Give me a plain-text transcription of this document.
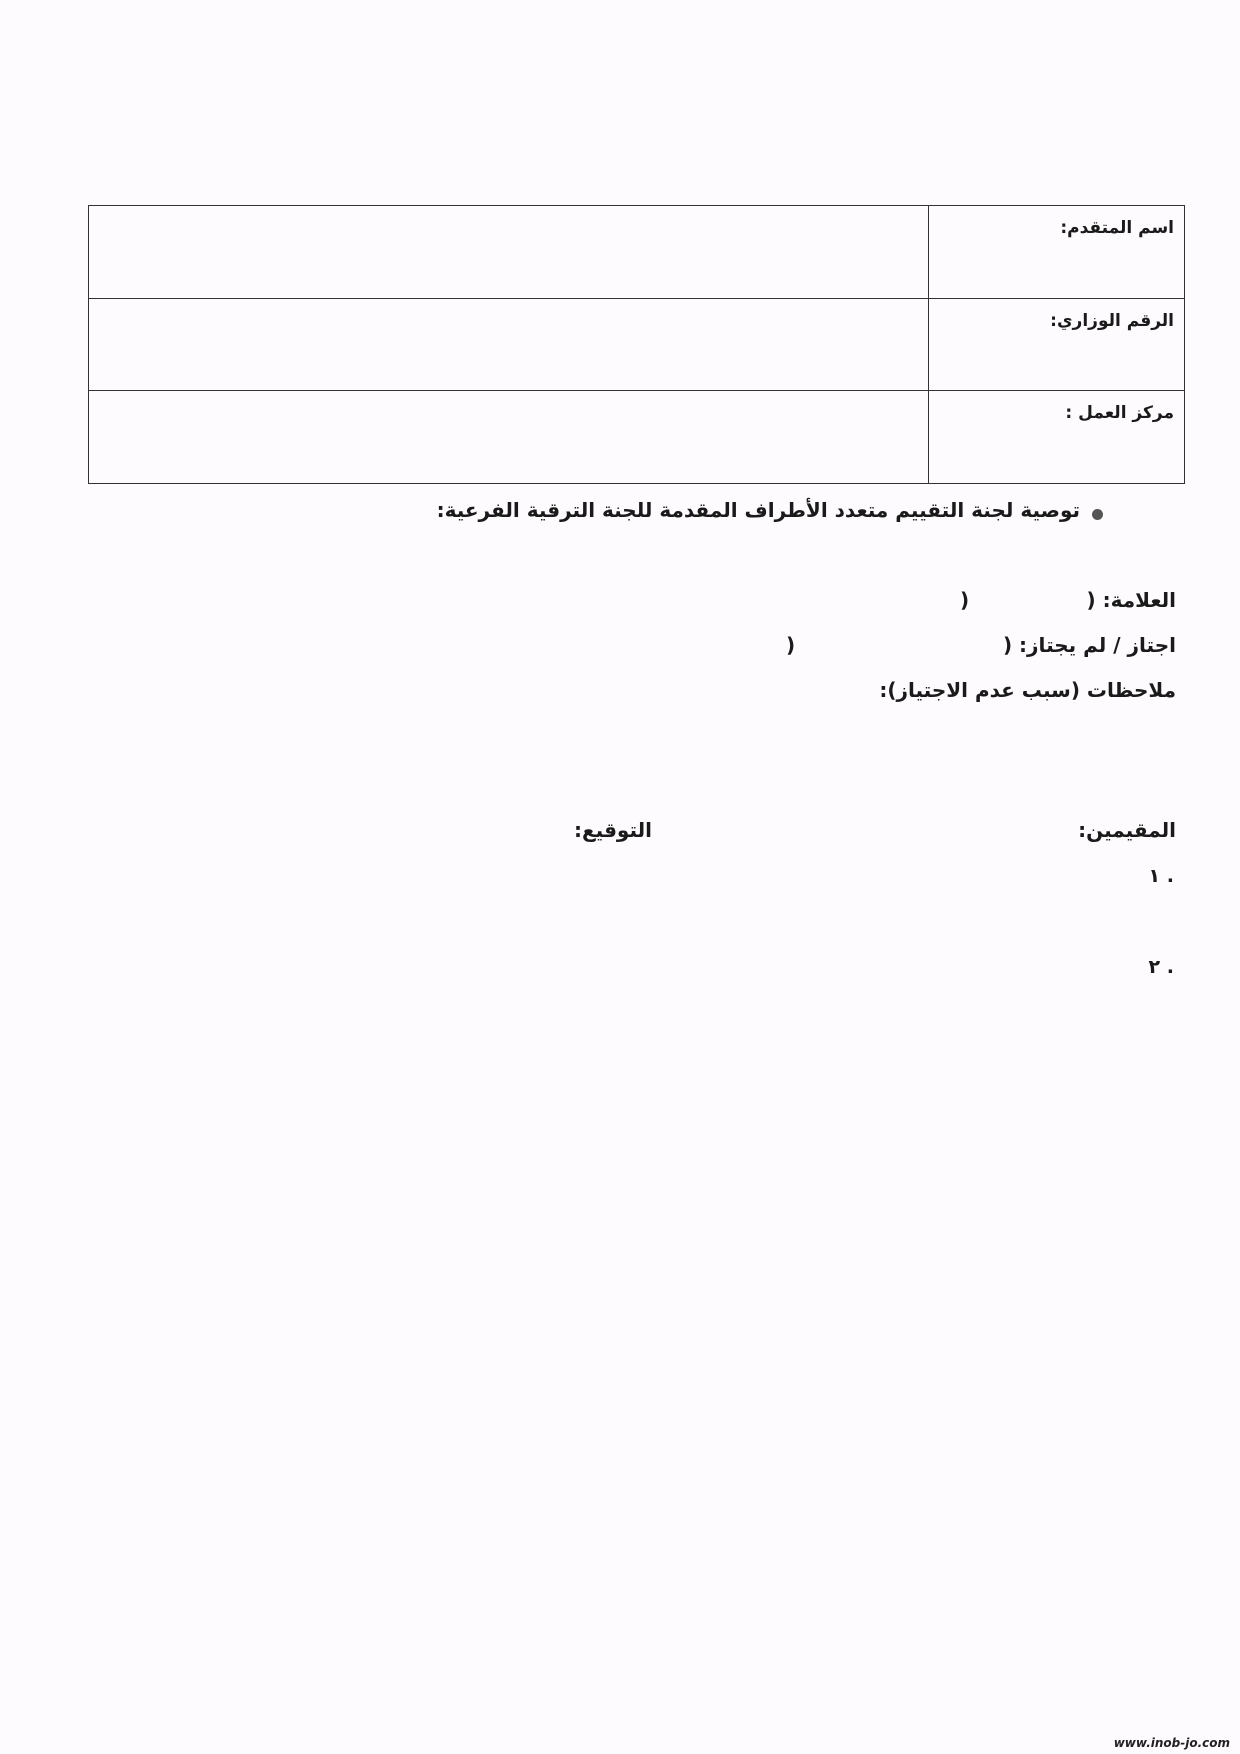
اسم المتقدم:	
الرقم الوزاري:	
مركز العمل :	
توصية لجنة التقييم متعدد الأطراف المقدمة للجنة الترقية الفرعية:
العلامة: (
)
اجتاز / لم يجتاز: (
)
ملاحظات (سبب عدم الاجتياز):
المقيمين:
التوقيع:
. ١
. ٢
www.inob-jo.com
